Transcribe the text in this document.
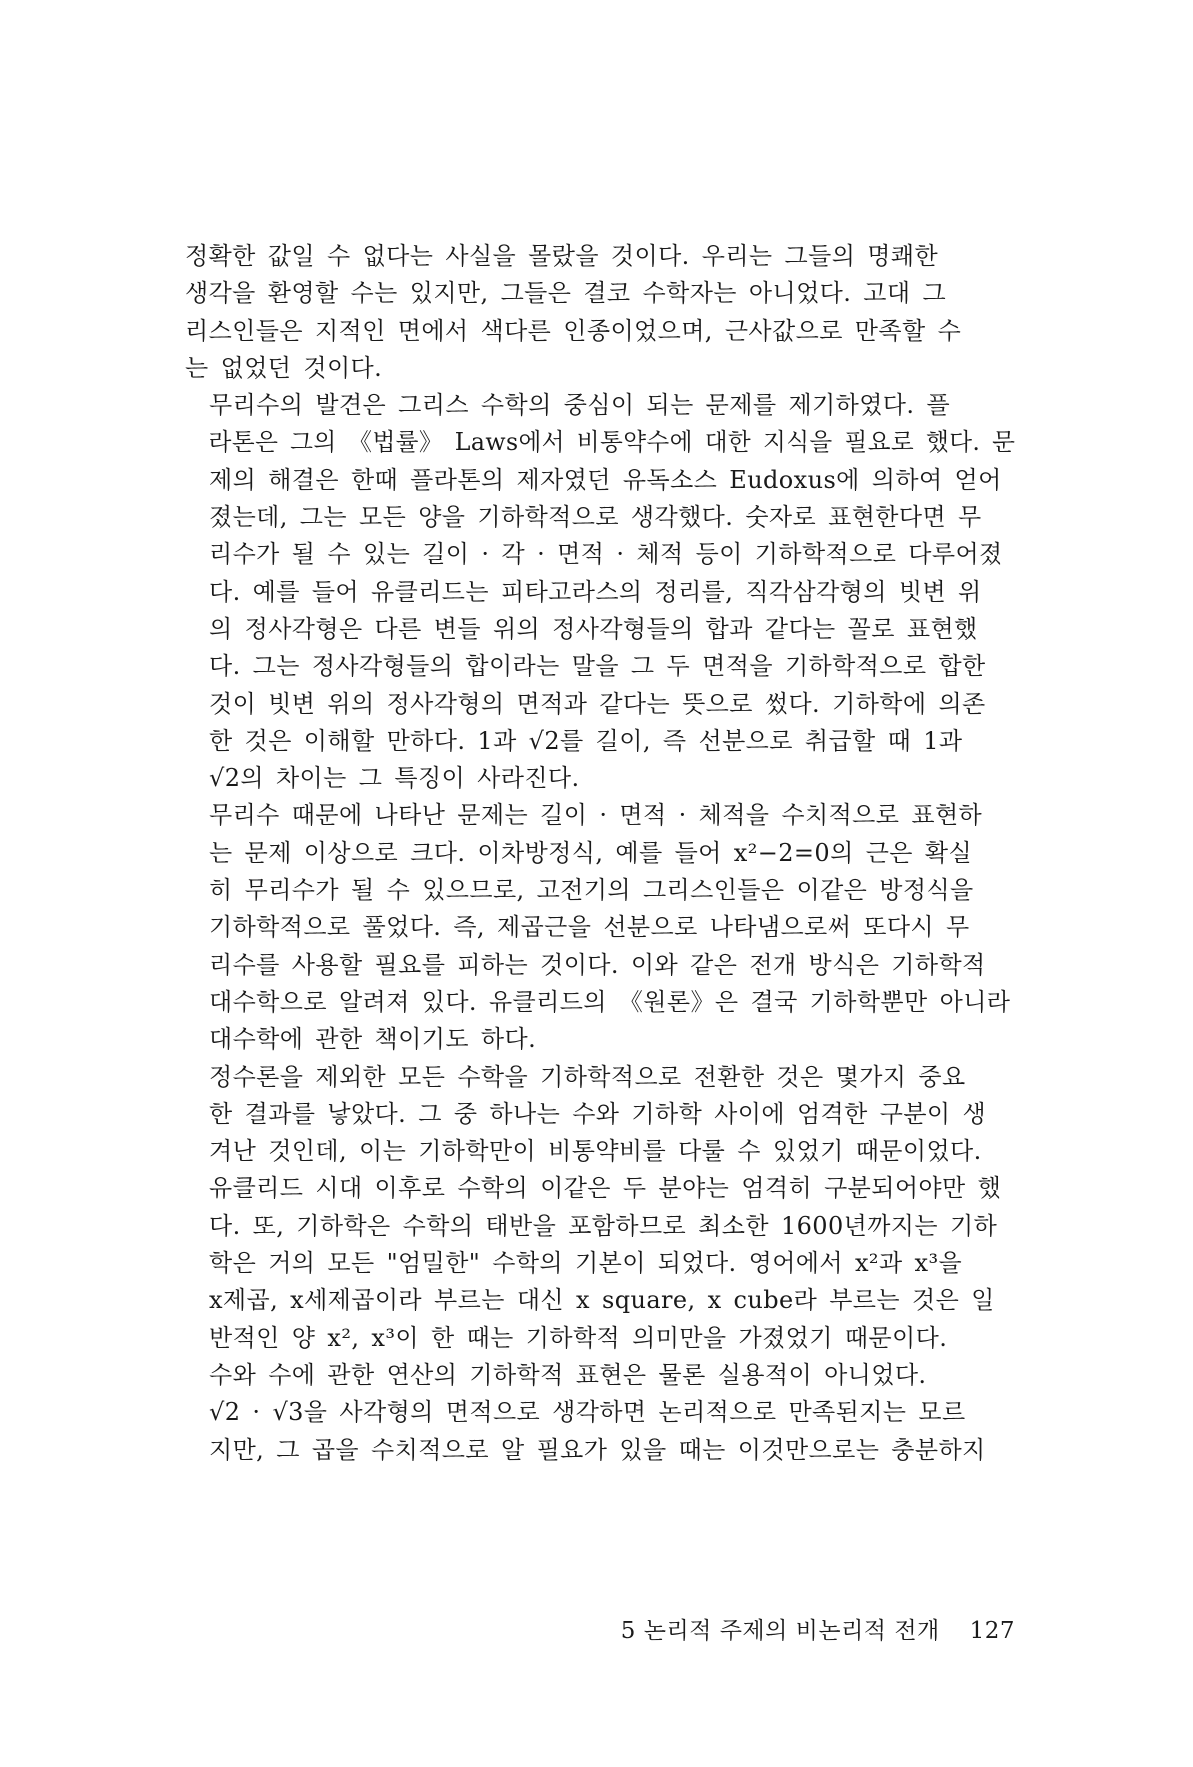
정확한 값일 수 없다는 사실을 몰랐을 것이다. 우리는 그들의 명쾌한
생각을 환영할 수는 있지만, 그들은 결코 수학자는 아니었다. 고대 그
리스인들은 지적인 면에서 색다른 인종이었으며, 근사값으로 만족할 수
는 없었던 것이다.
무리수의 발견은 그리스 수학의 중심이 되는 문제를 제기하였다. 플
라톤은 그의 《법률》 Laws에서 비통약수에 대한 지식을 필요로 했다. 문
제의 해결은 한때 플라톤의 제자였던 유독소스 Eudoxus에 의하여 얻어
졌는데, 그는 모든 양을 기하학적으로 생각했다. 숫자로 표현한다면 무
리수가 될 수 있는 길이 · 각 · 면적 · 체적 등이 기하학적으로 다루어졌
다. 예를 들어 유클리드는 피타고라스의 정리를, 직각삼각형의 빗변 위
의 정사각형은 다른 변들 위의 정사각형들의 합과 같다는 꼴로 표현했
다. 그는 정사각형들의 합이라는 말을 그 두 면적을 기하학적으로 합한
것이 빗변 위의 정사각형의 면적과 같다는 뜻으로 썼다. 기하학에 의존
한 것은 이해할 만하다. 1과 √2를 길이, 즉 선분으로 취급할 때 1과
√2의 차이는 그 특징이 사라진다.
무리수 때문에 나타난 문제는 길이 · 면적 · 체적을 수치적으로 표현하
는 문제 이상으로 크다. 이차방정식, 예를 들어 x²−2=0의 근은 확실
히 무리수가 될 수 있으므로, 고전기의 그리스인들은 이같은 방정식을
기하학적으로 풀었다. 즉, 제곱근을 선분으로 나타냄으로써 또다시 무
리수를 사용할 필요를 피하는 것이다. 이와 같은 전개 방식은 기하학적
대수학으로 알려져 있다. 유클리드의 《원론》은 결국 기하학뿐만 아니라
대수학에 관한 책이기도 하다.
정수론을 제외한 모든 수학을 기하학적으로 전환한 것은 몇가지 중요
한 결과를 낳았다. 그 중 하나는 수와 기하학 사이에 엄격한 구분이 생
겨난 것인데, 이는 기하학만이 비통약비를 다룰 수 있었기 때문이었다.
유클리드 시대 이후로 수학의 이같은 두 분야는 엄격히 구분되어야만 했
다. 또, 기하학은 수학의 태반을 포함하므로 최소한 1600년까지는 기하
학은 거의 모든 "엄밀한" 수학의 기본이 되었다. 영어에서 x²과 x³을
x제곱, x세제곱이라 부르는 대신 x square, x cube라 부르는 것은 일
반적인 양 x², x³이 한 때는 기하학적 의미만을 가졌었기 때문이다.
수와 수에 관한 연산의 기하학적 표현은 물론 실용적이 아니었다.
√2 · √3을 사각형의 면적으로 생각하면 논리적으로 만족된지는 모르
지만, 그 곱을 수치적으로 알 필요가 있을 때는 이것만으로는 충분하지
5 논리적 주제의 비논리적 전개 127
